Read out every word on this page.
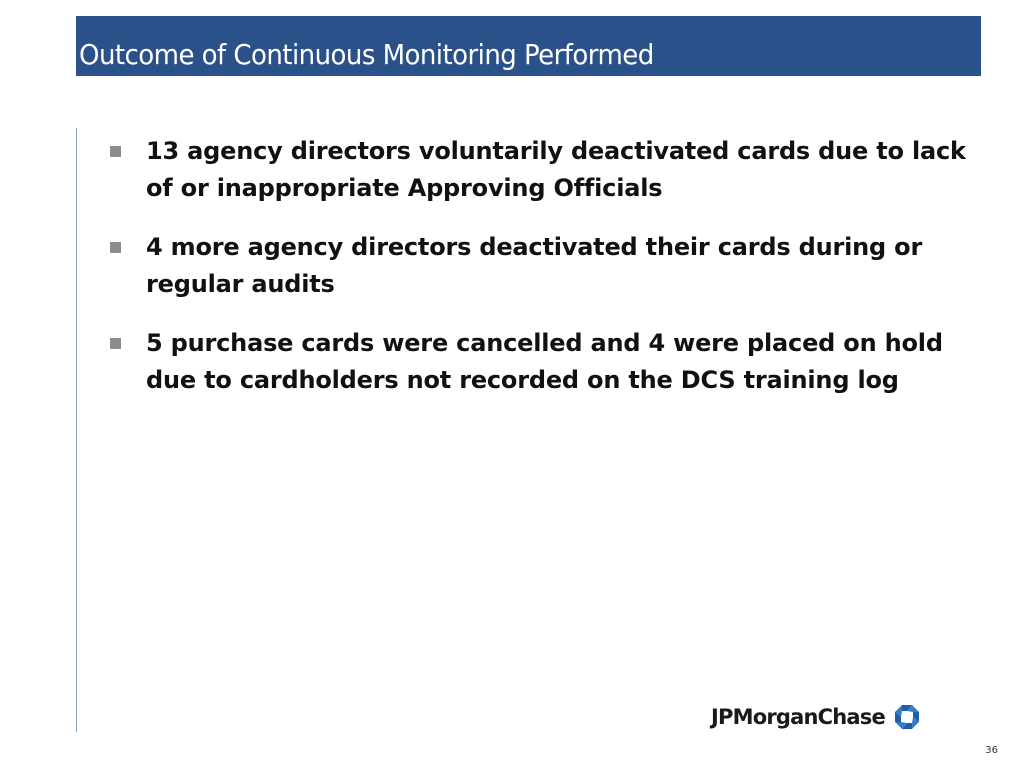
Outcome of Continuous Monitoring Performed
13 agency directors voluntarily deactivated cards due to lack of or inappropriate Approving Officials
4 more agency directors deactivated their cards during or regular audits
5 purchase cards were cancelled and 4 were placed on hold due to cardholders not recorded on the DCS training log
JPMorganChase
36
